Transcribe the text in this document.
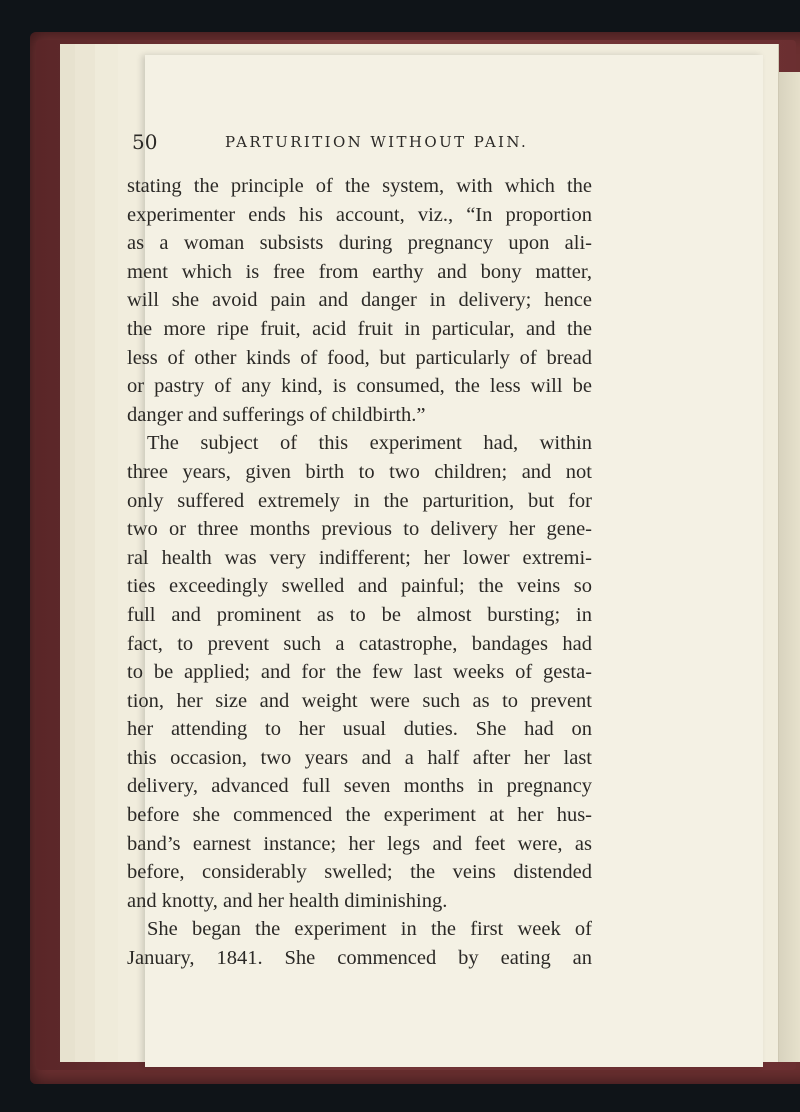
50	PARTURITION WITHOUT PAIN.
stating the principle of the system, with which the
experimenter ends his account, viz., “In proportion
as a woman subsists during pregnancy upon ali-
ment which is free from earthy and bony matter,
will she avoid pain and danger in delivery; hence
the more ripe fruit, acid fruit in particular, and the
less of other kinds of food, but particularly of bread
or pastry of any kind, is consumed, the less will be
danger and sufferings of childbirth.”
The subject of this experiment had, within
three years, given birth to two children; and not
only suffered extremely in the parturition, but for
two or three months previous to delivery her gene-
ral health was very indifferent; her lower extremi-
ties exceedingly swelled and painful; the veins so
full and prominent as to be almost bursting; in
fact, to prevent such a catastrophe, bandages had
to be applied; and for the few last weeks of gesta-
tion, her size and weight were such as to prevent
her attending to her usual duties. She had on
this occasion, two years and a half after her last
delivery, advanced full seven months in pregnancy
before she commenced the experiment at her hus-
band’s earnest instance; her legs and feet were, as
before, considerably swelled; the veins distended
and knotty, and her health diminishing.
She began the experiment in the first week of
January, 1841. She commenced by eating an
